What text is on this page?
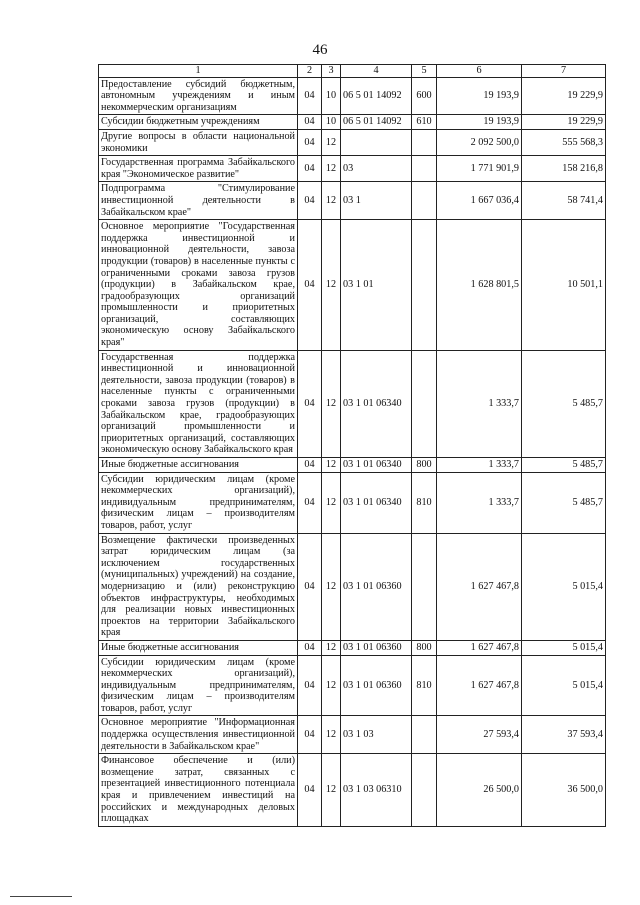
46
1	2	3	4	5	6	7
Предоставление субсидий бюджетным, автономным учреждениям и иным некоммерческим организациям	04	10	06 5 01 14092	600	19 193,9	19 229,9
Субсидии бюджетным учреждениям	04	10	06 5 01 14092	610	19 193,9	19 229,9
Другие вопросы в области национальной экономики	04	12			2 092 500,0	555 568,3
Государственная программа Забайкальского края "Экономическое развитие"	04	12	03		1 771 901,9	158 216,8
Подпрограмма "Стимулирование инвестиционной деятельности в Забайкальском крае"	04	12	03 1		1 667 036,4	58 741,4
Основное мероприятие "Государственная поддержка инвестиционной и инновационной деятельности, завоза продукции (товаров) в населенные пункты с ограниченными сроками завоза грузов (продукции) в Забайкальском крае, градообразующих организаций промышленности и приоритетных организаций, составляющих экономическую основу Забайкальского края"	04	12	03 1 01		1 628 801,5	10 501,1
Государственная поддержка инвестиционной и инновационной деятельности, завоза продукции (товаров) в населенные пункты с ограниченными сроками завоза грузов (продукции) в Забайкальском крае, градообразующих организаций промышленности и приоритетных организаций, составляющих экономическую основу Забайкальского края	04	12	03 1 01 06340		1 333,7	5 485,7
Иные бюджетные ассигнования	04	12	03 1 01 06340	800	1 333,7	5 485,7
Субсидии юридическим лицам (кроме некоммерческих организаций), индивидуальным предпринимателям, физическим лицам – производителям товаров, работ, услуг	04	12	03 1 01 06340	810	1 333,7	5 485,7
Возмещение фактически произведенных затрат юридическим лицам (за исключением государственных (муниципальных) учреждений) на создание, модернизацию и (или) реконструкцию объектов инфраструктуры, необходимых для реализации новых инвестиционных проектов на территории Забайкальского края	04	12	03 1 01 06360		1 627 467,8	5 015,4
Иные бюджетные ассигнования	04	12	03 1 01 06360	800	1 627 467,8	5 015,4
Субсидии юридическим лицам (кроме некоммерческих организаций), индивидуальным предпринимателям, физическим лицам – производителям товаров, работ, услуг	04	12	03 1 01 06360	810	1 627 467,8	5 015,4
Основное мероприятие "Информационная поддержка осуществления инвестиционной деятельности в Забайкальском крае"	04	12	03 1 03		27 593,4	37 593,4
Финансовое обеспечение и (или) возмещение затрат, связанных с презентацией инвестиционного потенциала края и привлечением инвестиций на российских и международных деловых площадках	04	12	03 1 03 06310		26 500,0	36 500,0
